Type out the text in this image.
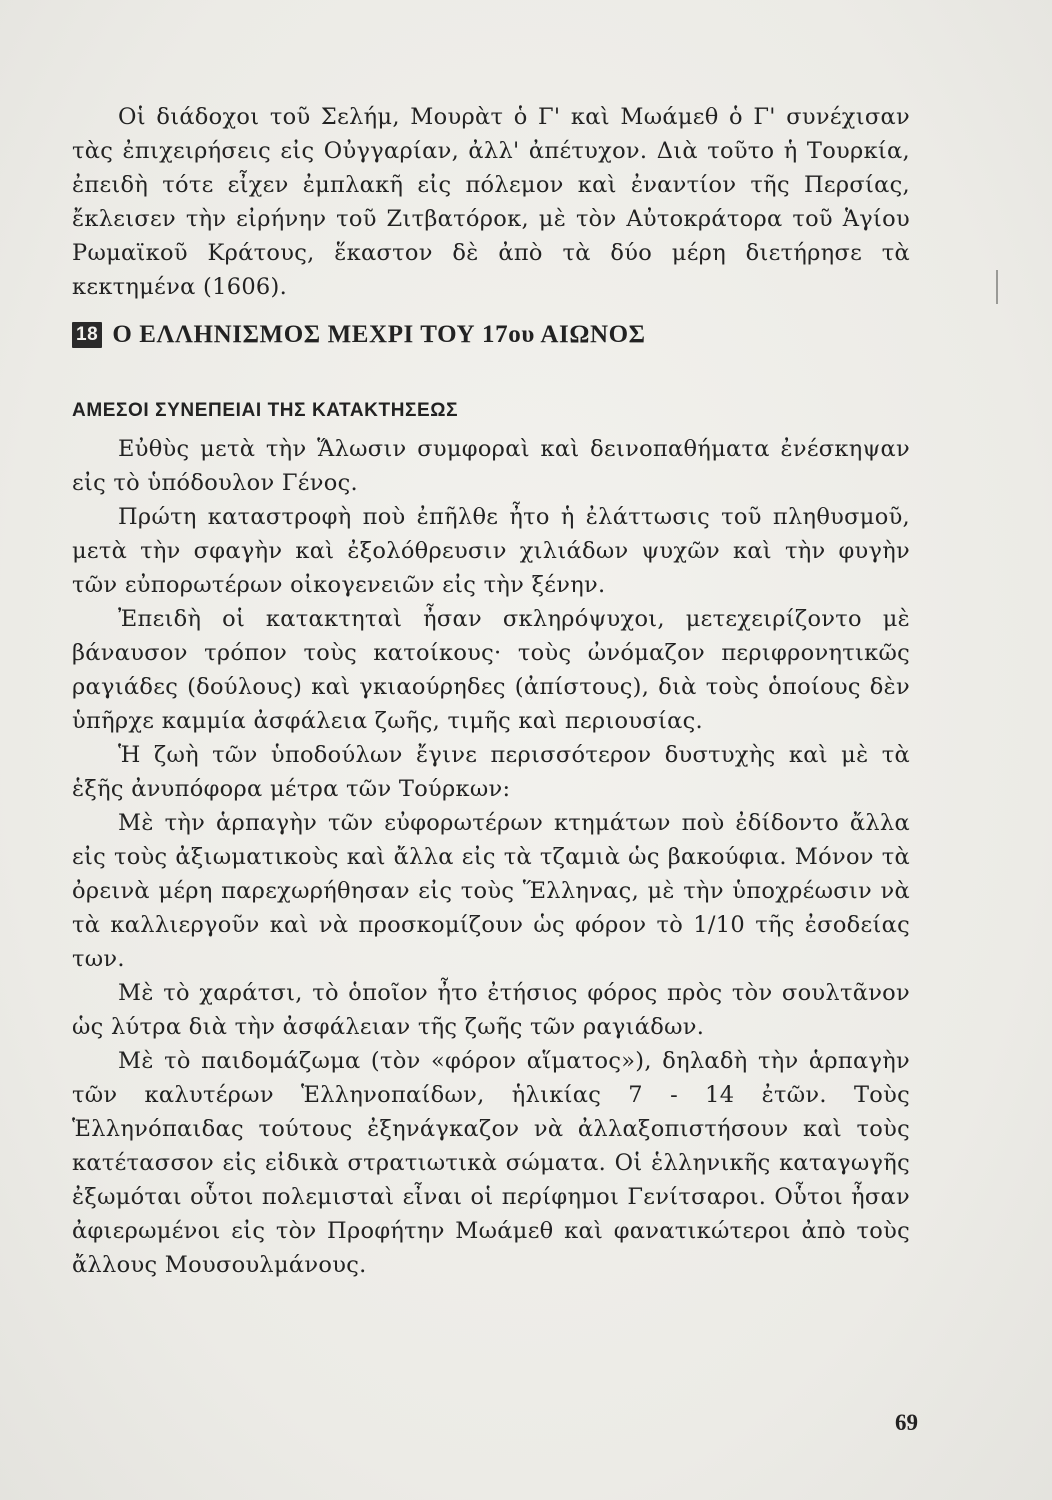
Οἱ διάδοχοι τοῦ Σελήμ, Μουρὰτ ὁ Γ' καὶ Μωάμεθ ὁ Γ' συνέχισαν τὰς ἐπιχειρήσεις εἰς Οὐγγαρίαν, ἀλλ' ἀπέτυχον. Διὰ τοῦτο ἡ Τουρκία, ἐπειδὴ τότε εἶχεν ἐμπλακῆ εἰς πόλεμον καὶ ἐναντίον τῆς Περσίας, ἔκλεισεν τὴν εἰρήνην τοῦ Ζιτβατόροκ, μὲ τὸν Αὐτοκράτορα τοῦ Ἁγίου Ρωμαϊκοῦ Κράτους, ἕκαστον δὲ ἀπὸ τὰ δύο μέρη διετήρησε τὰ κεκτημένα (1606).

18 Ο ΕΛΛΗΝΙΣΜΟΣ ΜΕΧΡΙ ΤΟΥ 17ου ΑΙΩΝΟΣ
ΑΜΕΣΟΙ ΣΥΝΕΠΕΙΑΙ ΤΗΣ ΚΑΤΑΚΤΗΣΕΩΣ

Εὐθὺς μετὰ τὴν Ἅλωσιν συμφοραὶ καὶ δεινοπαθήματα ἐνέσκηψαν εἰς τὸ ὑπόδουλον Γένος.

Πρώτη καταστροφὴ ποὺ ἐπῆλθε ἦτο ἡ ἐλάττωσις τοῦ πληθυσμοῦ, μετὰ τὴν σφαγὴν καὶ ἐξολόθρευσιν χιλιάδων ψυχῶν καὶ τὴν φυγὴν τῶν εὐπορωτέρων οἰκογενειῶν εἰς τὴν ξένην.

Ἐπειδὴ οἱ κατακτηταὶ ἦσαν σκληρόψυχοι, μετεχειρίζοντο μὲ βάναυσον τρόπον τοὺς κατοίκους· τοὺς ὠνόμαζον περιφρονητικῶς ραγιάδες (δούλους) καὶ γκιαούρηδες (ἀπίστους), διὰ τοὺς ὁποίους δὲν ὑπῆρχε καμμία ἀσφάλεια ζωῆς, τιμῆς καὶ περιουσίας.

Ἡ ζωὴ τῶν ὑποδούλων ἔγινε περισσότερον δυστυχὴς καὶ μὲ τὰ ἑξῆς ἀνυπόφορα μέτρα τῶν Τούρκων:

Μὲ τὴν ἁρπαγὴν τῶν εὐφορωτέρων κτημάτων ποὺ ἐδίδοντο ἄλλα εἰς τοὺς ἀξιωματικοὺς καὶ ἄλλα εἰς τὰ τζαμιὰ ὡς βακούφια. Μόνον τὰ ὀρεινὰ μέρη παρεχωρήθησαν εἰς τοὺς Ἕλληνας, μὲ τὴν ὑποχρέωσιν νὰ τὰ καλλιεργοῦν καὶ νὰ προσκομίζουν ὡς φόρον τὸ 1/10 τῆς ἐσοδείας των.

Μὲ τὸ χαράτσι, τὸ ὁποῖον ἦτο ἐτήσιος φόρος πρὸς τὸν σουλτᾶνον ὡς λύτρα διὰ τὴν ἀσφάλειαν τῆς ζωῆς τῶν ραγιάδων.

Μὲ τὸ παιδομάζωμα (τὸν «φόρον αἵματος»), δηλαδὴ τὴν ἁρπαγὴν τῶν καλυτέρων Ἑλληνοπαίδων, ἡλικίας 7 - 14 ἐτῶν. Τοὺς Ἑλληνόπαιδας τούτους ἐξηνάγκαζον νὰ ἀλλαξοπιστήσουν καὶ τοὺς κατέτασσον εἰς εἰδικὰ στρατιωτικὰ σώματα. Οἱ ἑλληνικῆς καταγωγῆς ἐξωμόται οὗτοι πολεμισταὶ εἶναι οἱ περίφημοι Γενίτσαροι. Οὗτοι ἦσαν ἀφιερωμένοι εἰς τὸν Προφήτην Μωάμεθ καὶ φανατικώτεροι ἀπὸ τοὺς ἄλλους Μουσουλμάνους.

69
